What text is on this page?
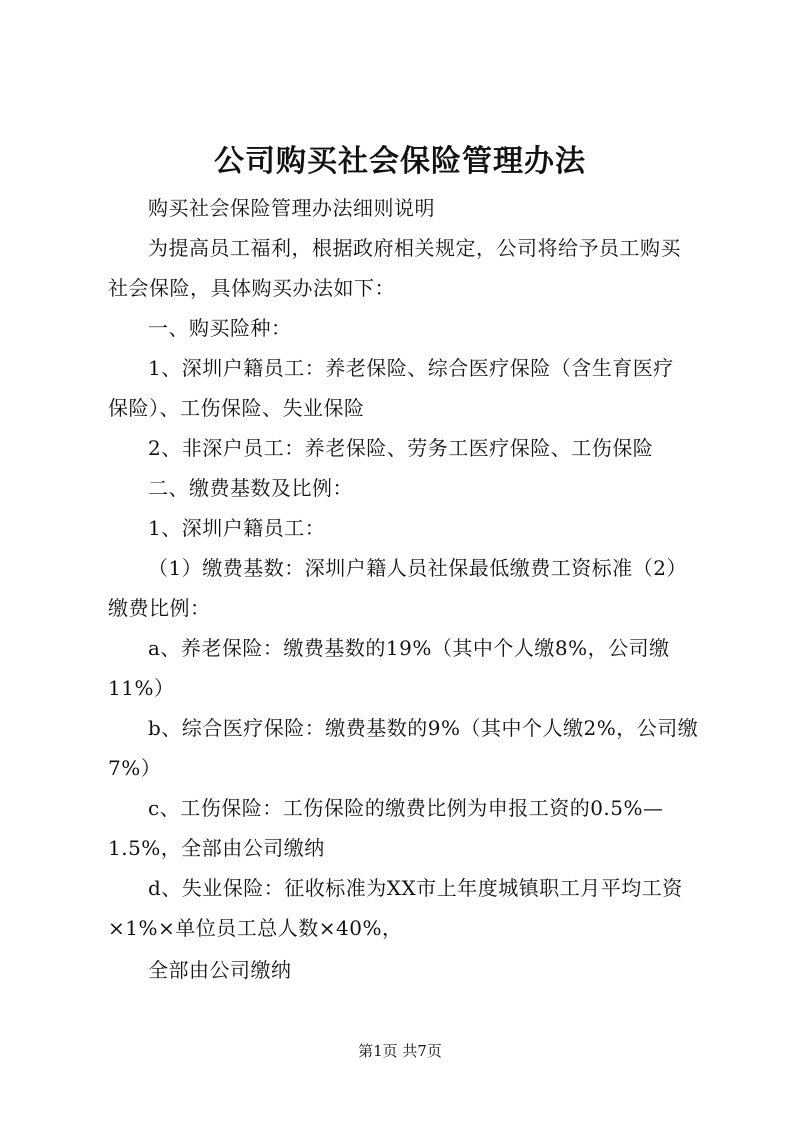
公司购买社会保险管理办法
购买社会保险管理办法细则说明
为提高员工福利，根据政府相关规定，公司将给予员工购买
社会保险，具体购买办法如下：
一、购买险种：
1、深圳户籍员工：养老保险、综合医疗保险（含生育医疗
保险）、工伤保险、失业保险
2、非深户员工：养老保险、劳务工医疗保险、工伤保险
二、缴费基数及比例：
1、深圳户籍员工：
（1）缴费基数：深圳户籍人员社保最低缴费工资标准（2）
缴费比例：
a、养老保险：缴费基数的19%（其中个人缴8%，公司缴
11%）
b、综合医疗保险：缴费基数的9%（其中个人缴2%，公司缴
7%）
c、工伤保险：工伤保险的缴费比例为申报工资的0.5%—
1.5%，全部由公司缴纳
d、失业保险：征收标准为XX市上年度城镇职工月平均工资
×1%×单位员工总人数×40%，
全部由公司缴纳
第1页 共7页
